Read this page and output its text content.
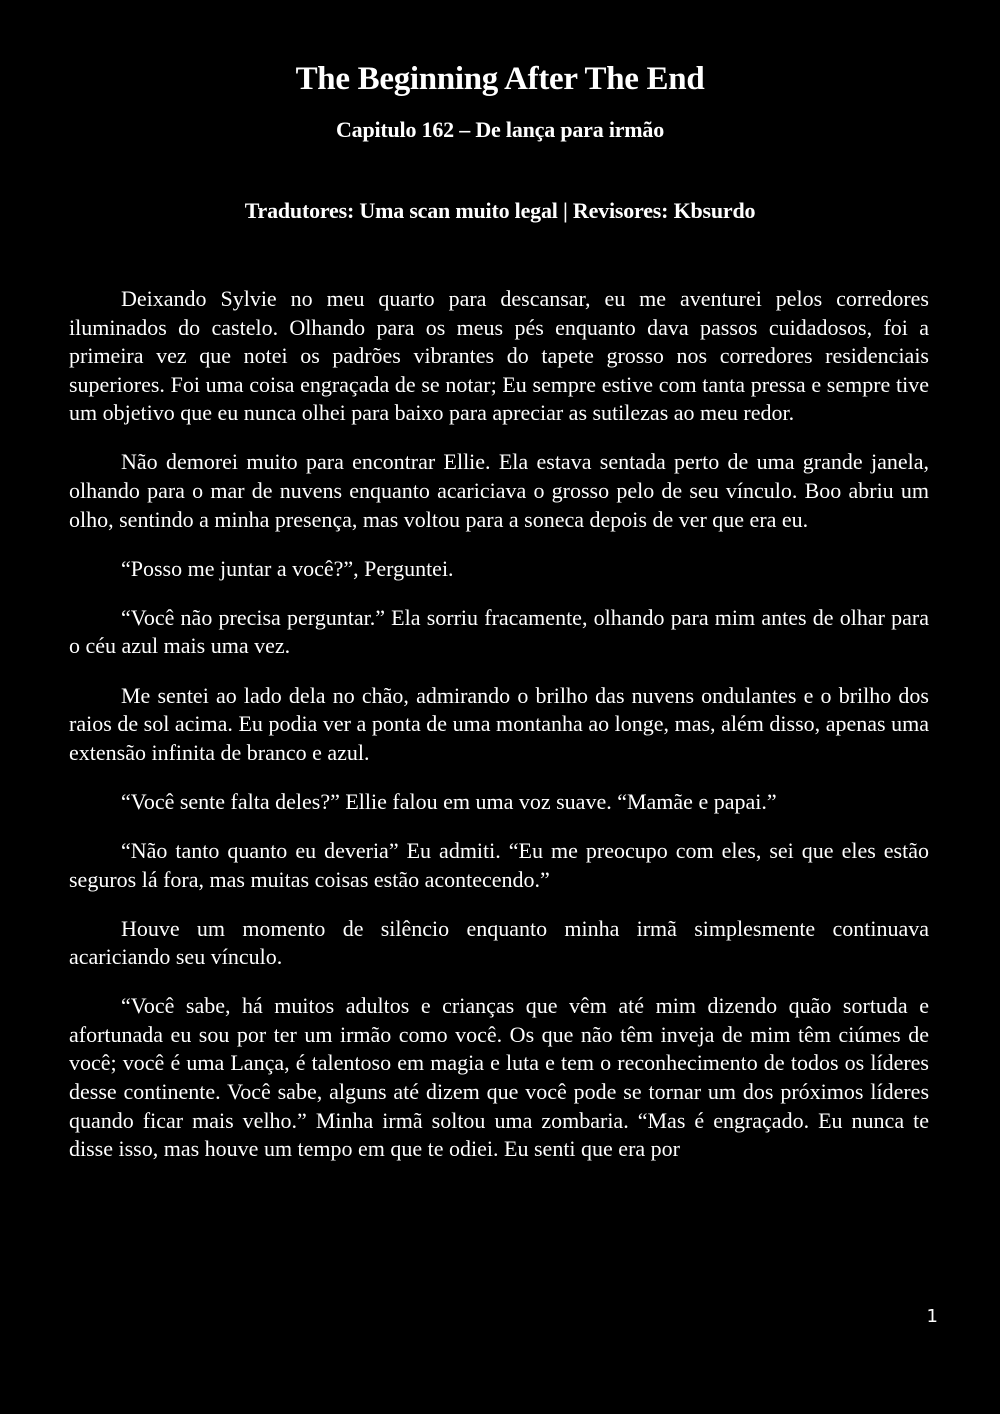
The Beginning After The End
Capitulo 162 – De lança para irmão
Tradutores: Uma scan muito legal | Revisores: Kbsurdo

Deixando Sylvie no meu quarto para descansar, eu me aventurei pelos corredores iluminados do castelo. Olhando para os meus pés enquanto dava passos cuidadosos, foi a primeira vez que notei os padrões vibrantes do tapete grosso nos corredores residenciais superiores. Foi uma coisa engraçada de se notar; Eu sempre estive com tanta pressa e sempre tive um objetivo que eu nunca olhei para baixo para apreciar as sutilezas ao meu redor.

Não demorei muito para encontrar Ellie. Ela estava sentada perto de uma grande janela, olhando para o mar de nuvens enquanto acariciava o grosso pelo de seu vínculo. Boo abriu um olho, sentindo a minha presença, mas voltou para a soneca depois de ver que era eu.

“Posso me juntar a você?”, Perguntei.

“Você não precisa perguntar.” Ela sorriu fracamente, olhando para mim antes de olhar para o céu azul mais uma vez.

Me sentei ao lado dela no chão, admirando o brilho das nuvens ondulantes e o brilho dos raios de sol acima. Eu podia ver a ponta de uma montanha ao longe, mas, além disso, apenas uma extensão infinita de branco e azul.

“Você sente falta deles?” Ellie falou em uma voz suave. “Mamãe e papai.”

“Não tanto quanto eu deveria” Eu admiti. “Eu me preocupo com eles, sei que eles estão seguros lá fora, mas muitas coisas estão acontecendo.”

Houve um momento de silêncio enquanto minha irmã simplesmente continuava acariciando seu vínculo.

“Você sabe, há muitos adultos e crianças que vêm até mim dizendo quão sortuda e afortunada eu sou por ter um irmão como você. Os que não têm inveja de mim têm ciúmes de você; você é uma Lança, é talentoso em magia e luta e tem o reconhecimento de todos os líderes desse continente. Você sabe, alguns até dizem que você pode se tornar um dos próximos líderes quando ficar mais velho.” Minha irmã soltou uma zombaria. “Mas é engraçado. Eu nunca te disse isso, mas houve um tempo em que te odiei. Eu senti que era por

1
